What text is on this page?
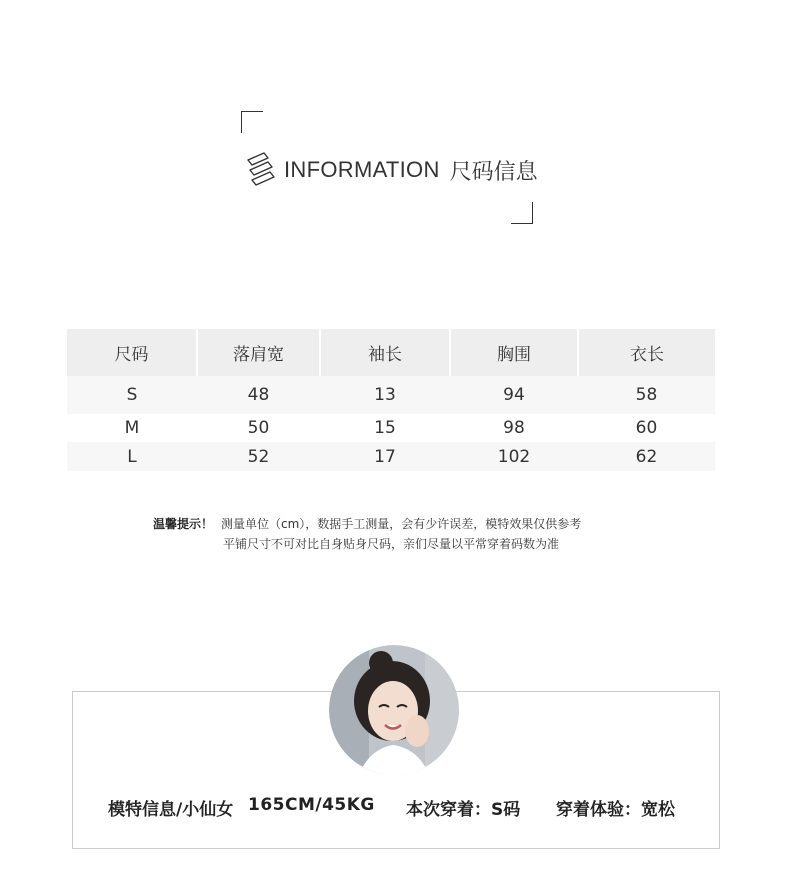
INFORMATION 尺码信息
尺码	落肩宽	袖长	胸围	衣长
S	48	13	94	58
M	50	15	98	60
L	52	17	102	62
温馨提示！ 测量单位（cm），数据手工测量，会有少许误差，模特效果仅供参考
平铺尺寸不可对比自身贴身尺码，亲们尽量以平常穿着码数为准
模特信息/小仙女 165CM/45KG 本次穿着：S码 穿着体验：宽松
